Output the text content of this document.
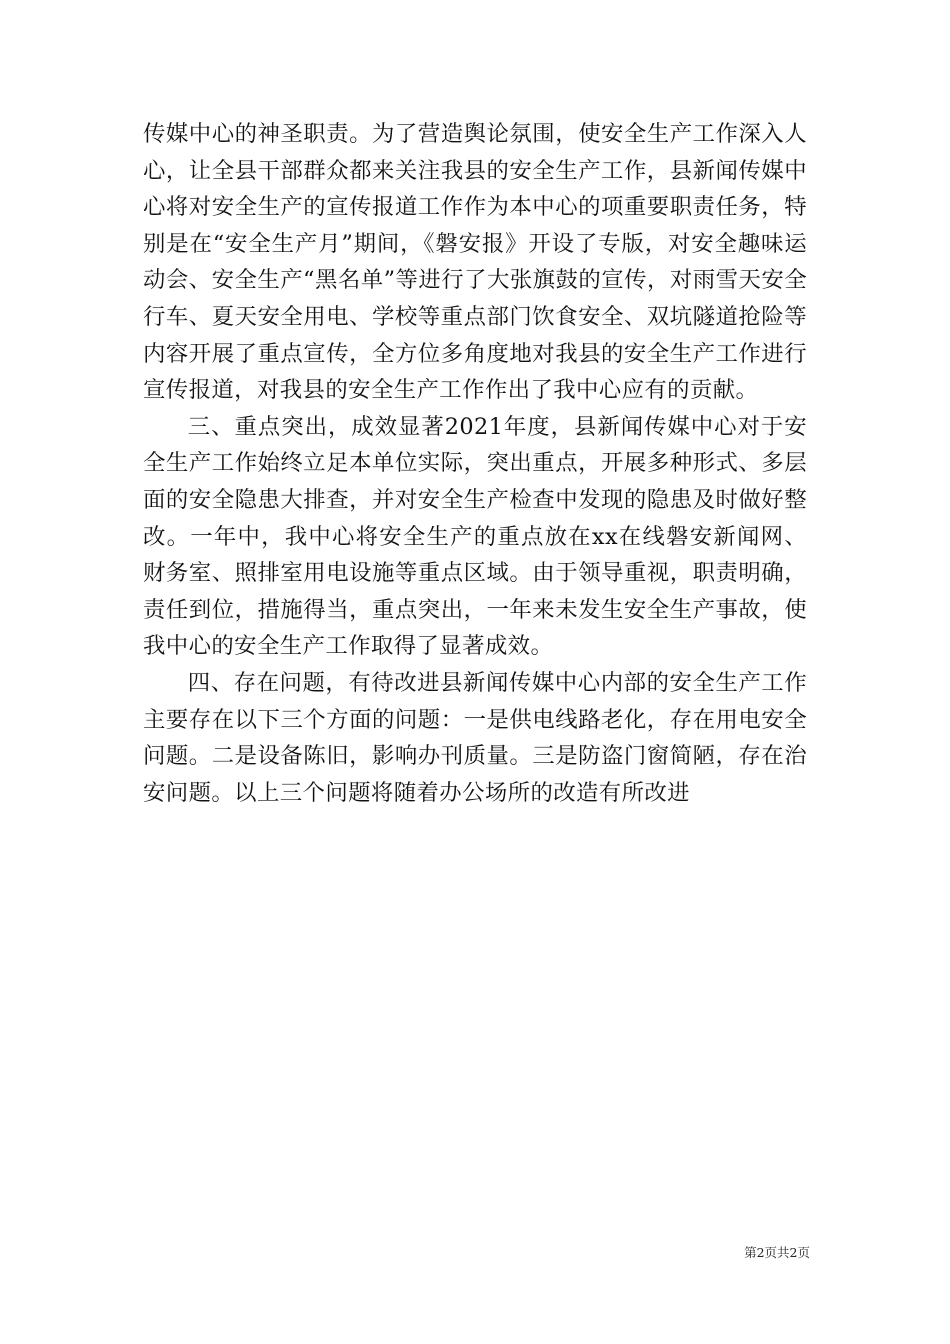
传媒中心的神圣职责。为了营造舆论氛围，使安全生产工作深入人心，让全县干部群众都来关注我县的安全生产工作，县新闻传媒中心将对安全生产的宣传报道工作作为本中心的项重要职责任务，特别是在“安全生产月”期间，《磐安报》开设了专版，对安全趣味运动会、安全生产“黑名单”等进行了大张旗鼓的宣传，对雨雪天安全行车、夏天安全用电、学校等重点部门饮食安全、双坑隧道抢险等内容开展了重点宣传，全方位多角度地对我县的安全生产工作进行宣传报道，对我县的安全生产工作作出了我中心应有的贡献。

三、重点突出，成效显著2021年度，县新闻传媒中心对于安全生产工作始终立足本单位实际，突出重点，开展多种形式、多层面的安全隐患大排查，并对安全生产检查中发现的隐患及时做好整改。一年中，我中心将安全生产的重点放在xx在线磐安新闻网、财务室、照排室用电设施等重点区域。由于领导重视，职责明确，责任到位，措施得当，重点突出，一年来未发生安全生产事故，使我中心的安全生产工作取得了显著成效。

四、存在问题，有待改进县新闻传媒中心内部的安全生产工作主要存在以下三个方面的问题：一是供电线路老化，存在用电安全问题。二是设备陈旧，影响办刊质量。三是防盗门窗简陋，存在治安问题。以上三个问题将随着办公场所的改造有所改进

第2页共2页
